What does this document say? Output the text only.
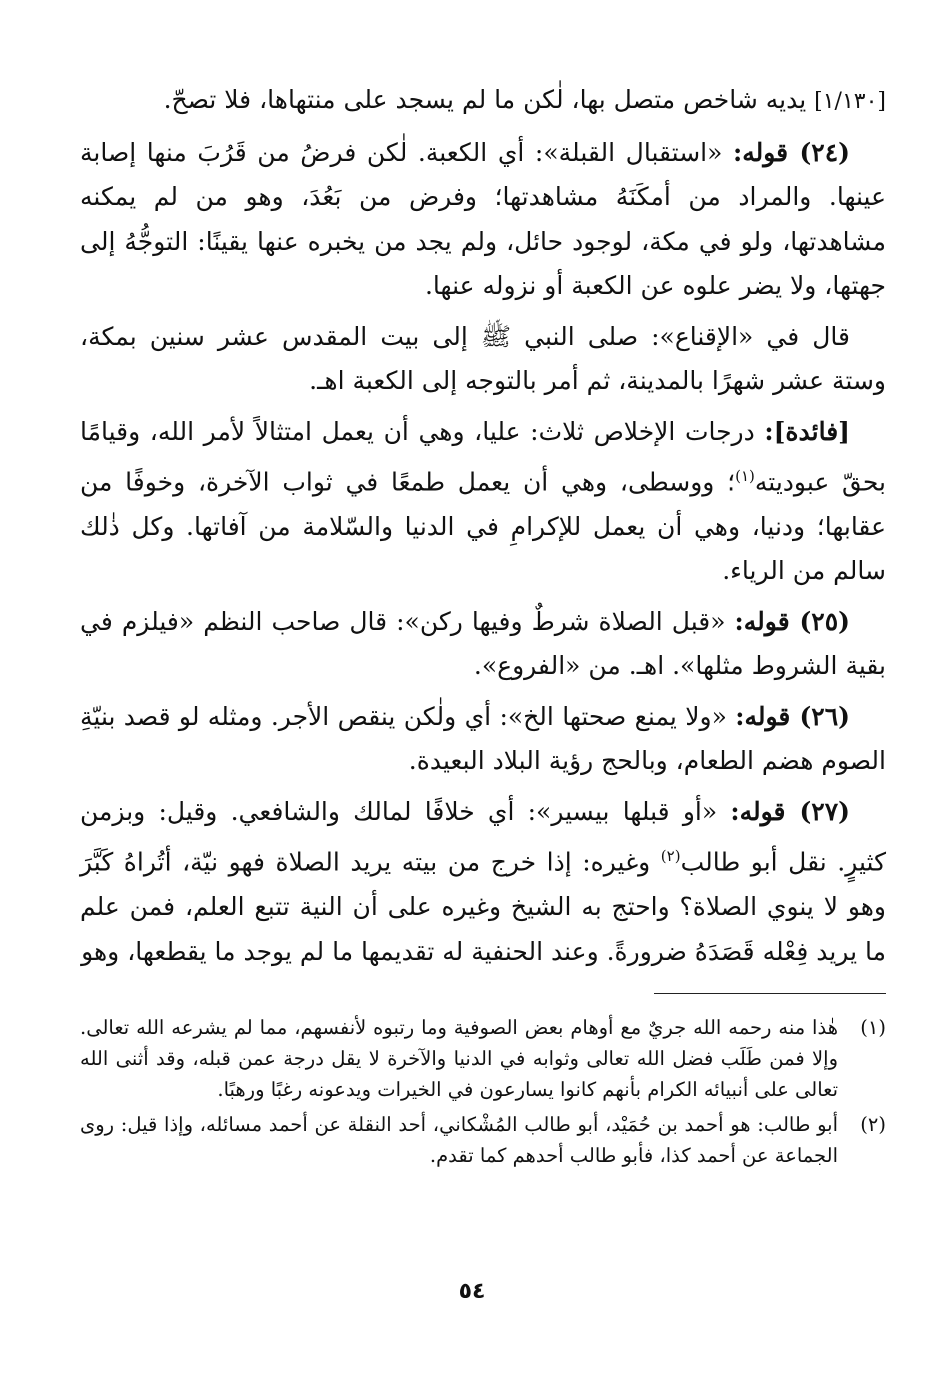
[١/١٣٠] يديه شاخص متصل بها، لٰكن ما لم يسجد على منتهاها، فلا تصحّ.

(٢٤) قوله: «استقبال القبلة»: أي الكعبة. لٰكن فرضُ من قَرُبَ منها إصابة عينها. والمراد من أمكَنَهُ مشاهدتها؛ وفرض من بَعُدَ، وهو من لم يمكنه مشاهدتها، ولو في مكة، لوجود حائل، ولم يجد من يخبره عنها يقينًا: التوجُّهُ إلى جهتها، ولا يضر علوه عن الكعبة أو نزوله عنها.

قال في «الإقناع»: صلى النبي ﷺ إلى بيت المقدس عشر سنين بمكة، وستة عشر شهرًا بالمدينة، ثم أمر بالتوجه إلى الكعبة اهـ.

[فائدة]: درجات الإخلاص ثلاث: عليا، وهي أن يعمل امتثالاً لأمر الله، وقيامًا بحقّ عبوديته$^{(١)}$؛ ووسطى، وهي أن يعمل طمعًا في ثواب الآخرة، وخوفًا من عقابها؛ ودنيا، وهي أن يعمل للإكرامِ في الدنيا والسّلامة من آفاتها. وكل ذٰلك سالم من الرياء.

(٢٥) قوله: «قبل الصلاة شرطٌ وفيها ركن»: قال صاحب النظم «فيلزم في بقية الشروط مثلها». اهـ. من «الفروع».

(٢٦) قوله: «ولا يمنع صحتها الخ»: أي ولٰكن ينقص الأجر. ومثله لو قصد بنيّةِ الصوم هضم الطعام، وبالحج رؤية البلاد البعيدة.

(٢٧) قوله: «أو قبلها بيسير»: أي خلافًا لمالك والشافعي. وقيل: وبزمن كثيرٍ. نقل أبو طالب$^{(٢)}$ وغيره: إذا خرج من بيته يريد الصلاة فهو نيّة، أتُراهُ كَبَّرَ وهو لا ينوي الصلاة؟ واحتج به الشيخ وغيره على أن النية تتبع العلم، فمن علم ما يريد فِعْله قَصَدَهُ ضرورةً. وعند الحنفية له تقديمها ما لم يوجد ما يقطعها، وهو

(١)
هٰذا منه رحمه الله جريٌ مع أوهام بعض الصوفية وما رتبوه لأنفسهم، مما لم يشرعه الله تعالى. وإلا فمن طَلَب فضل الله تعالى وثوابه في الدنيا والآخرة لا يقل درجة عمن قبله، وقد أثنى الله تعالى على أنبيائه الكرام بأنهم كانوا يسارعون في الخيرات ويدعونه رغبًا ورهبًا.
(٢)
أبو طالب: هو أحمد بن حُمَيْد، أبو طالب المُشْكاني، أحد النقلة عن أحمد مسائله، وإذا قيل: روى الجماعة عن أحمد كذا، فأبو طالب أحدهم كما تقدم.
٥٤
